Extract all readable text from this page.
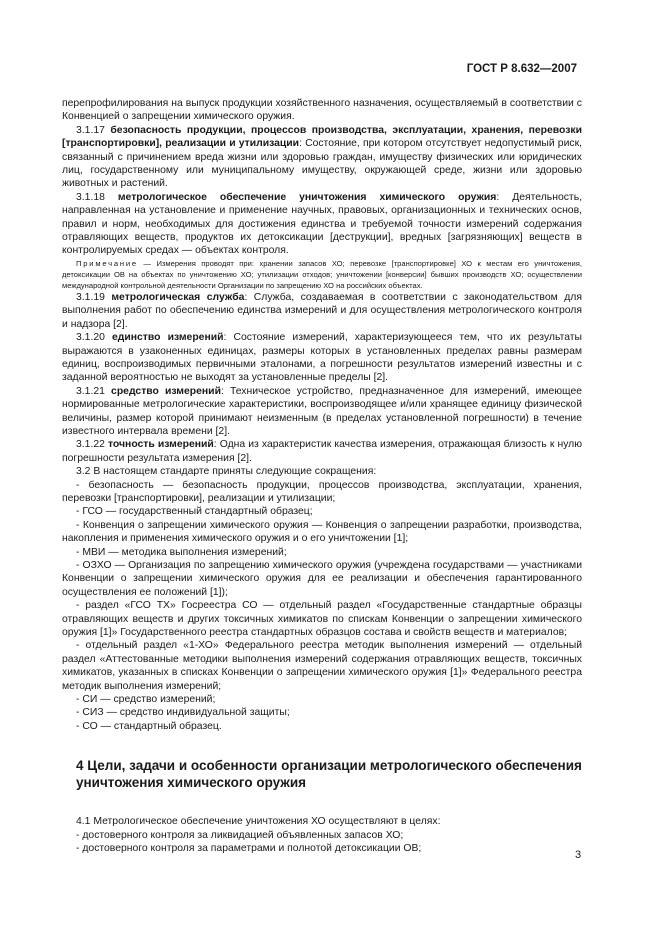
ГОСТ Р 8.632—2007

перепрофилирования на выпуск продукции хозяйственного назначения, осуществляемый в соответствии с Конвенцией о запрещении химического оружия.

3.1.17 безопасность продукции, процессов производства, эксплуатации, хранения, перевозки [транспортировки], реализации и утилизации: Состояние, при котором отсутствует недопустимый риск, связанный с причинением вреда жизни или здоровью граждан, имуществу физических или юридических лиц, государственному или муниципальному имуществу, окружающей среде, жизни или здоровью животных и растений.

3.1.18 метрологическое обеспечение уничтожения химического оружия: Деятельность, направленная на установление и применение научных, правовых, организационных и технических основ, правил и норм, необходимых для достижения единства и требуемой точности измерений содержания отравляющих веществ, продуктов их детоксикации [деструкции], вредных [загрязняющих] веществ в контролируемых средах — объектах контроля.

Примечание — Измерения проводят при: хранении запасов ХО; перевозке [транспортировке] ХО к местам его уничтожения, детоксикации ОВ на объектах по уничтожению ХО; утилизации отходов; уничтожении [конверсии] бывших производств ХО; осуществлении международной контрольной деятельности Организации по запрещению ХО на российских объектах.

3.1.19 метрологическая служба: Служба, создаваемая в соответствии с законодательством для выполнения работ по обеспечению единства измерений и для осуществления метрологического контроля и надзора [2].

3.1.20 единство измерений: Состояние измерений, характеризующееся тем, что их результаты выражаются в узаконенных единицах, размеры которых в установленных пределах равны размерам единиц, воспроизводимых первичными эталонами, а погрешности результатов измерений известны и с заданной вероятностью не выходят за установленные пределы [2].

3.1.21 средство измерений: Техническое устройство, предназначенное для измерений, имеющее нормированные метрологические характеристики, воспроизводящее и/или хранящее единицу физической величины, размер которой принимают неизменным (в пределах установленной погрешности) в течение известного интервала времени [2].

3.1.22 точность измерений: Одна из характеристик качества измерения, отражающая близость к нулю погрешности результата измерения [2].

3.2 В настоящем стандарте приняты следующие сокращения:

- безопасность — безопасность продукции, процессов производства, эксплуатации, хранения, перевозки [транспортировки], реализации и утилизации;

- ГСО — государственный стандартный образец;

- Конвенция о запрещении химического оружия — Конвенция о запрещении разработки, производства, накопления и применения химического оружия и о его уничтожении [1];

- МВИ — методика выполнения измерений;

- ОЗХО — Организация по запрещению химического оружия (учреждена государствами — участниками Конвенции о запрещении химического оружия для ее реализации и обеспечения гарантированного осуществления ее положений [1]);

- раздел «ГСО ТХ» Госреестра СО — отдельный раздел «Государственные стандартные образцы отравляющих веществ и других токсичных химикатов по спискам Конвенции о запрещении химического оружия [1]» Государственного реестра стандартных образцов состава и свойств веществ и материалов;

- отдельный раздел «1-ХО» Федерального реестра методик выполнения измерений — отдельный раздел «Аттестованные методики выполнения измерений содержания отравляющих веществ, токсичных химикатов, указанных в списках Конвенции о запрещении химического оружия [1]» Федерального реестра методик выполнения измерений;

- СИ — средство измерений;

- СИЗ — средство индивидуальной защиты;

- СО — стандартный образец.

4 Цели, задачи и особенности организации метрологического обеспечения уничтожения химического оружия

4.1 Метрологическое обеспечение уничтожения ХО осуществляют в целях:

- достоверного контроля за ликвидацией объявленных запасов ХО;

- достоверного контроля за параметрами и полнотой детоксикации ОВ;

3
